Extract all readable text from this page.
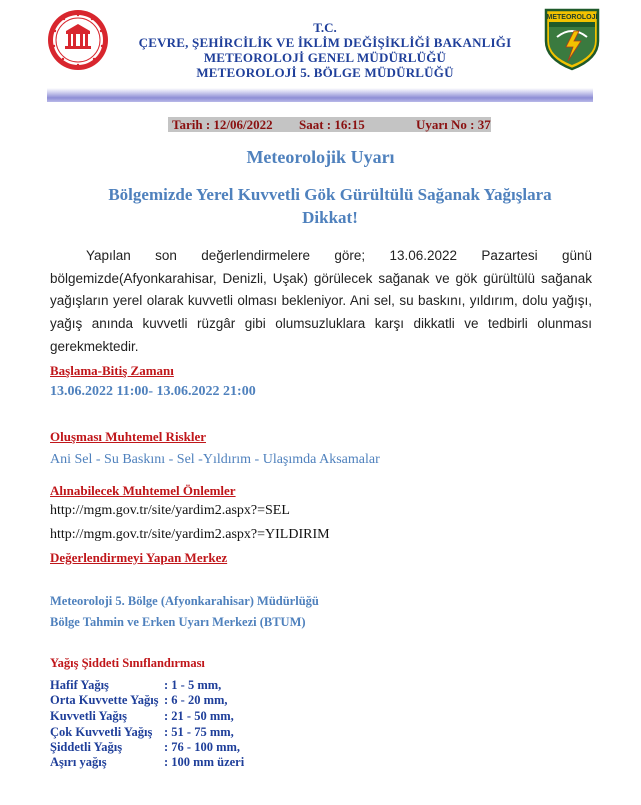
T.C.
ÇEVRE, ŞEHİRCİLİK VE İKLİM DEĞİŞİKLİĞİ BAKANLIĞI
METEOROLOJİ GENEL MÜDÜRLÜĞÜ
METEOROLOJİ 5. BÖLGE MÜDÜRLÜĞÜ
METEOROLOJİ
Tarih : 12/06/2022 Saat : 16:15	Uyarı No : 37
Meteorolojik Uyarı
Bölgemizde Yerel Kuvvetli Gök Gürültülü Sağanak Yağışlara Dikkat!
Yapılan son değerlendirmelere göre; 13.06.2022 Pazartesi günü bölgemizde(Afyonkarahisar, Denizli, Uşak) görülecek sağanak ve gök gürültülü sağanak yağışların yerel olarak kuvvetli olması bekleniyor. Ani sel, su baskını, yıldırım, dolu yağışı, yağış anında kuvvetli rüzgâr gibi olumsuzluklara karşı dikkatli ve tedbirli olunması gerekmektedir.
Başlama-Bitiş Zamanı
13.06.2022 11:00- 13.06.2022 21:00
Oluşması Muhtemel Riskler
Ani Sel - Su Baskını - Sel -Yıldırım - Ulaşımda Aksamalar
Alınabilecek Muhtemel Önlemler
http://mgm.gov.tr/site/yardim2.aspx?=SEL
http://mgm.gov.tr/site/yardim2.aspx?=YILDIRIM
Değerlendirmeyi Yapan Merkez
Meteoroloji 5. Bölge (Afyonkarahisar) Müdürlüğü
Bölge Tahmin ve Erken Uyarı Merkezi (BTUM)
Yağış Şiddeti Sınıflandırması
Hafif Yağış	: 1 - 5 mm,
Orta Kuvvette Yağış : 6 - 20 mm,
Kuvvetli Yağış	: 21 - 50 mm,
Çok Kuvvetli Yağış : 51 - 75 mm,
Şiddetli Yağış	: 76 - 100 mm,
Aşırı yağış	: 100 mm üzeri
